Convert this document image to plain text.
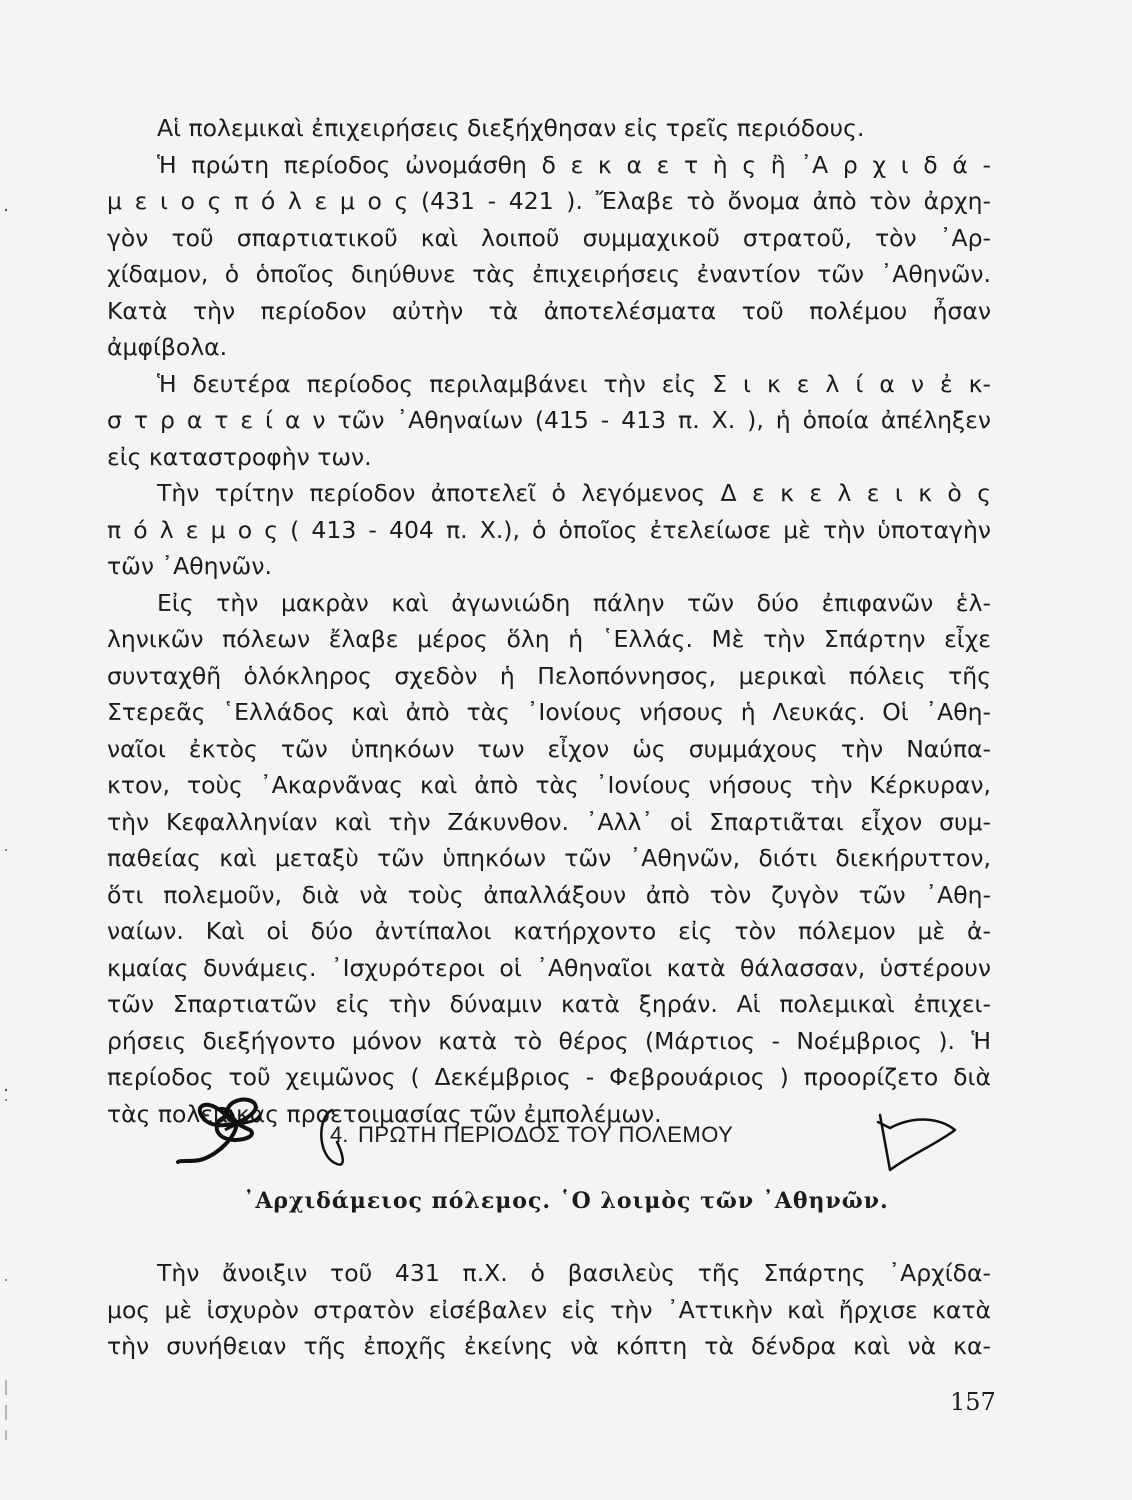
Αἱ πολεμικαὶ ἐπιχειρήσεις διεξήχθησαν εἰς τρεῖς περιόδους.
Ἡ πρώτη περίοδος ὠνομάσθη δ ε κ α ε τ ὴ ς ἢ ᾿Α ρ χ ι δ ά -
μ ε ι ο ς π ό λ ε μ ο ς (431 - 421 ). Ἔλαβε τὸ ὄνομα ἀπὸ τὸν ἀρχη-
γὸν τοῦ σπαρτιατικοῦ καὶ λοιποῦ συμμαχικοῦ στρατοῦ, τὸν ᾿Αρ-
χίδαμον, ὁ ὁποῖος διηύθυνε τὰς ἐπιχειρήσεις ἐναντίον τῶν ᾿Αθηνῶν.
Κατὰ τὴν περίοδον αὐτὴν τὰ ἀποτελέσματα τοῦ πολέμου ἦσαν
ἀμφίβολα.
Ἡ δευτέρα περίοδος περιλαμβάνει τὴν εἰς Σ ι κ ε λ ί α ν ἐ κ-
σ τ ρ α τ ε ί α ν τῶν ᾿Αθηναίων (415 - 413 π. Χ. ), ἡ ὁποία ἀπέληξεν
εἰς καταστροφὴν των.
Τὴν τρίτην περίοδον ἀποτελεῖ ὁ λεγόμενος Δ ε κ ε λ ε ι κ ὸ ς
π ό λ ε μ ο ς ( 413 - 404 π. Χ.), ὁ ὁποῖος ἐτελείωσε μὲ τὴν ὑποταγὴν
τῶν ᾿Αθηνῶν.
Εἰς τὴν μακρὰν καὶ ἀγωνιώδη πάλην τῶν δύο ἐπιφανῶν ἑλ-
ληνικῶν πόλεων ἔλαβε μέρος ὅλη ἡ ῾Ελλάς. Μὲ τὴν Σπάρτην εἶχε
συνταχθῆ ὁλόκληρος σχεδὸν ἡ Πελοπόννησος, μερικαὶ πόλεις τῆς
Στερεᾶς ῾Ελλάδος καὶ ἀπὸ τὰς ᾿Ιονίους νήσους ἡ Λευκάς. Οἱ ᾿Αθη-
ναῖοι ἐκτὸς τῶν ὑπηκόων των εἶχον ὡς συμμάχους τὴν Ναύπα-
κτον, τοὺς ᾿Ακαρνᾶνας καὶ ἀπὸ τὰς ᾿Ιονίους νήσους τὴν Κέρκυραν,
τὴν Κεφαλληνίαν καὶ τὴν Ζάκυνθον. ᾿Αλλ᾿ οἱ Σπαρτιᾶται εἶχον συμ-
παθείας καὶ μεταξὺ τῶν ὑπηκόων τῶν ᾿Αθηνῶν, διότι διεκήρυττον,
ὅτι πολεμοῦν, διὰ νὰ τοὺς ἀπαλλάξουν ἀπὸ τὸν ζυγὸν τῶν ᾿Αθη-
ναίων. Καὶ οἱ δύο ἀντίπαλοι κατήρχοντο εἰς τὸν πόλεμον μὲ ἀ-
κμαίας δυνάμεις. ᾿Ισχυρότεροι οἱ ᾿Αθηναῖοι κατὰ θάλασσαν, ὑστέρουν
τῶν Σπαρτιατῶν εἰς τὴν δύναμιν κατὰ ξηράν. Αἱ πολεμικαὶ ἐπιχει-
ρήσεις διεξήγοντο μόνον κατὰ τὸ θέρος (Μάρτιος - Νοέμβριος ). Ἡ
περίοδος τοῦ χειμῶνος ( Δεκέμβριος - Φεβρουάριος ) προορίζετο διὰ
τὰς πολεμικὰς προετοιμασίας τῶν ἐμπολέμων.
4. ΠΡΩΤΗ ΠΕΡΙΟΔΟΣ ΤΟΥ ΠΟΛΕΜΟΥ
᾿Αρχιδάμειος πόλεμος. ῾Ο λοιμὸς τῶν ᾿Αθηνῶν.
Τὴν ἄνοιξιν τοῦ 431 π.Χ. ὁ βασιλεὺς τῆς Σπάρτης ᾿Αρχίδα-
μος μὲ ἰσχυρὸν στρατὸν εἰσέβαλεν εἰς τὴν ᾿Αττικὴν καὶ ἤρχισε κατὰ
τὴν συνήθειαν τῆς ἐποχῆς ἐκείνης νὰ κόπτη τὰ δένδρα καὶ νὰ κα-
157
